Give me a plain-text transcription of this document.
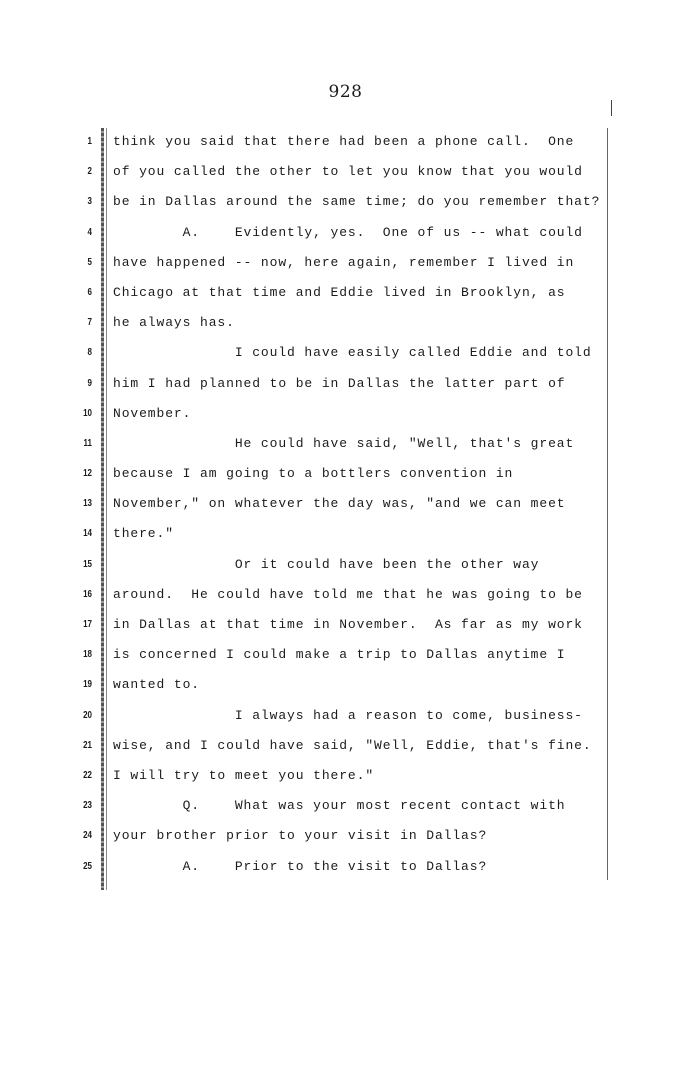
928
1 think you said that there had been a phone call.  One
2 of you called the other to let you know that you would
3 be in Dallas around the same time; do you remember that?
4 A.    Evidently, yes.  One of us -- what could
5 have happened -- now, here again, remember I lived in
6 Chicago at that time and Eddie lived in Brooklyn, as
7 he always has.
8 I could have easily called Eddie and told
9 him I had planned to be in Dallas the latter part of
10 November.
11 He could have said, "Well, that's great
12 because I am going to a bottlers convention in
13 November," on whatever the day was, "and we can meet
14 there."
15 Or it could have been the other way
16 around.  He could have told me that he was going to be
17 in Dallas at that time in November.  As far as my work
18 is concerned I could make a trip to Dallas anytime I
19 wanted to.
20 I always had a reason to come, business-
21 wise, and I could have said, "Well, Eddie, that's fine.
22 I will try to meet you there."
23 Q.    What was your most recent contact with
24 your brother prior to your visit in Dallas?
25 A.    Prior to the visit to Dallas?
